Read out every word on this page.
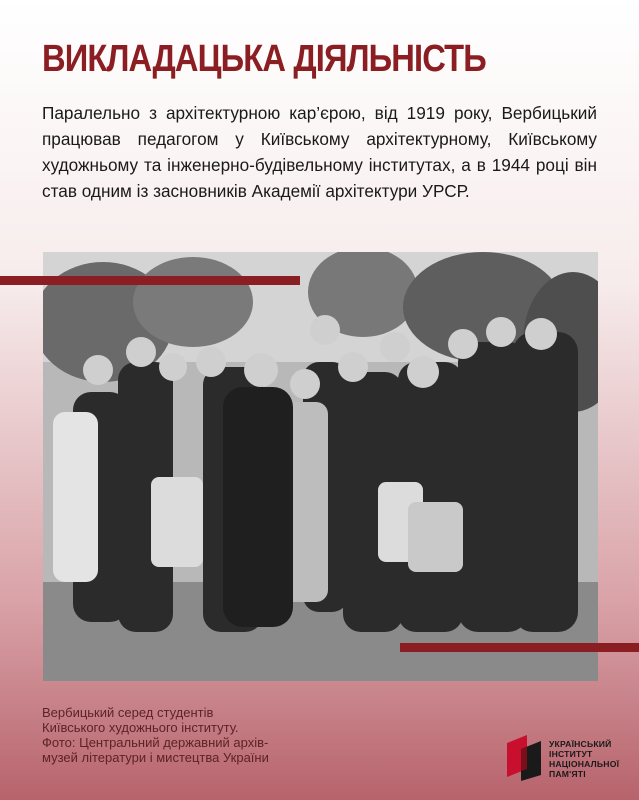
ВИКЛАДАЦЬКА ДІЯЛЬНІСТЬ
Паралельно з архітектурною кар’єрою, від 1919 року, Вербицький працював педагогом у Київському архітектурному, Київському художньому та інженерно-будівельному інститутах, а в 1944 році він став одним із засновників Академії архітектури УРСР.
Вербицький серед студентів
Київського художнього інституту.
Фото: Центральний державний архів-
музей літератури і мистецтва України
УКРАЇНСЬКИЙ
ІНСТИТУТ
НАЦІОНАЛЬНОЇ
ПАМ'ЯТІ
